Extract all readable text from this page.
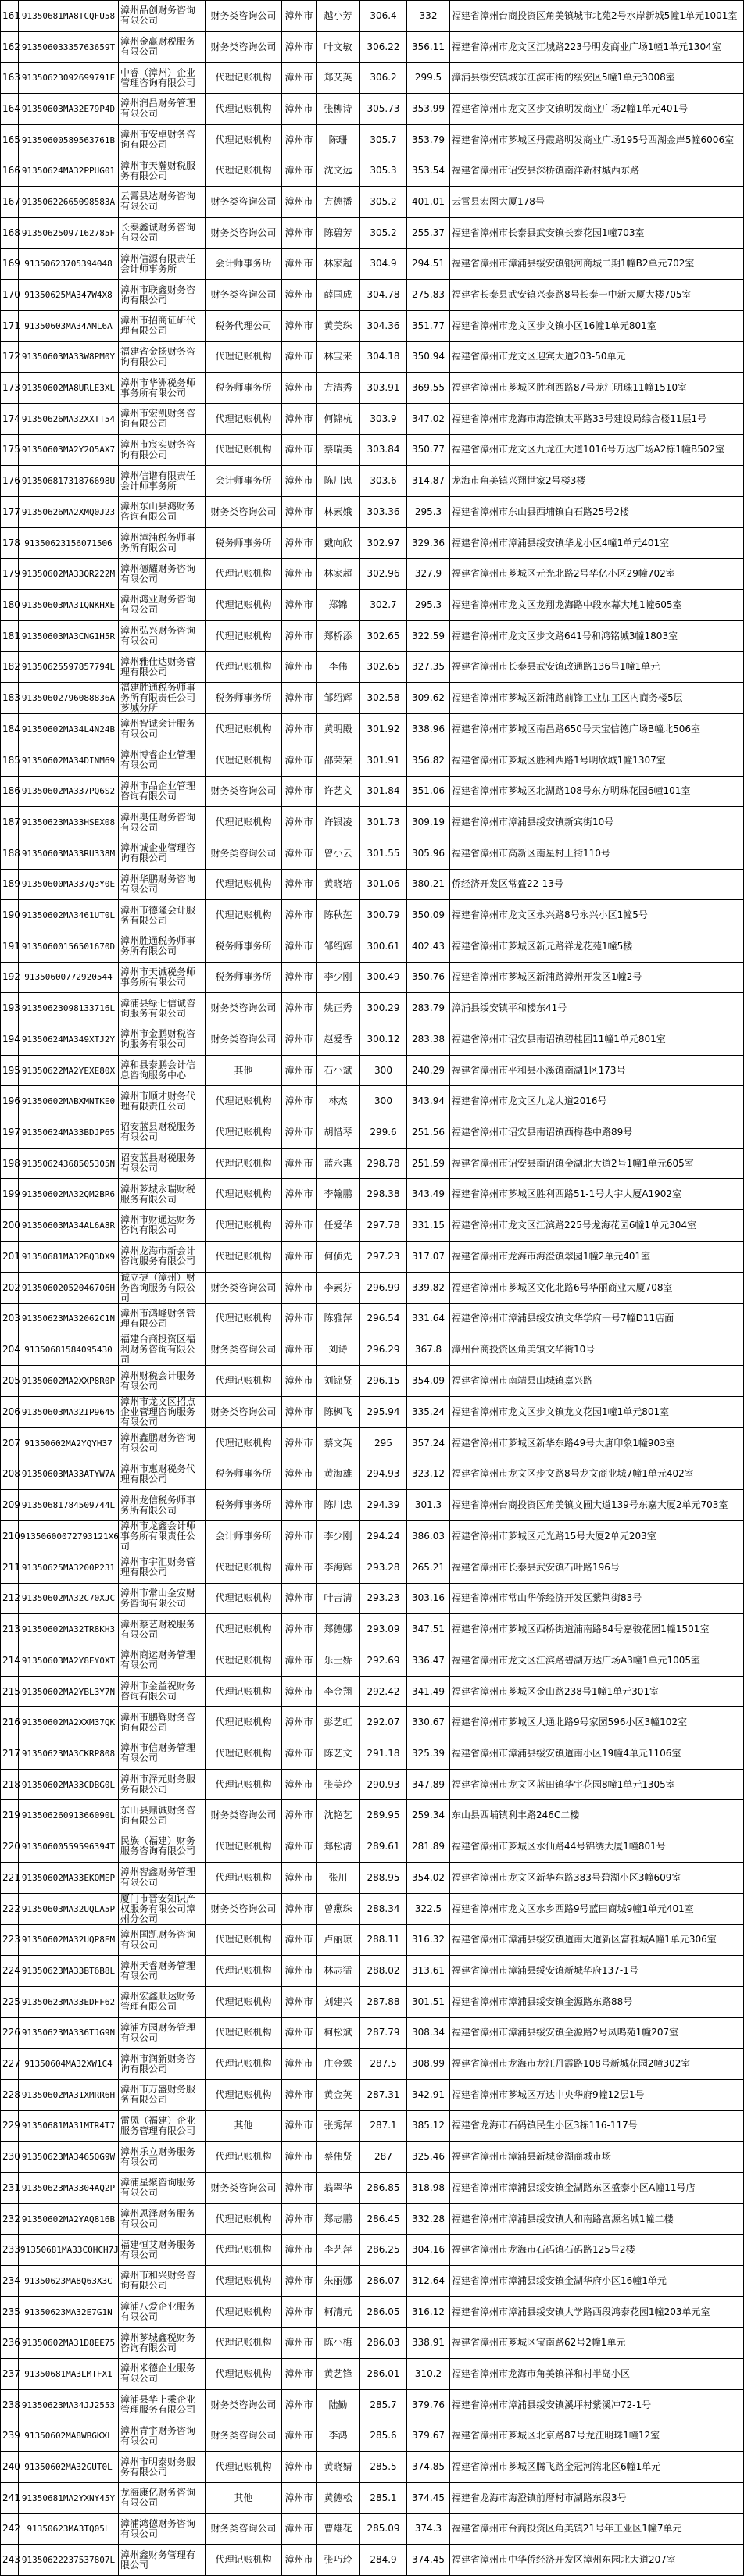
161	91350681MA8TCQFU58	漳州品创财务咨询有限公司	财务类咨询公司	漳州市	越小芳	306.4	332	福建省漳州台商投资区角美镇城市北苑2号水岸新城5幢1单元1001室
162	91350603335763659T	漳州金赢财税服务有限公司	财务类咨询公司	漳州市	叶文敏	306.22	356.11	福建省漳州市龙文区江城路223号明发商业广场1幢1单元1304室
163	91350623092699791F	中睿（漳州）企业管理咨询有限公司	代理记账机构	漳州市	郑艾英	306.2	299.5	漳浦县绥安镇城东江滨市街的绥安区5幢1单元3008室
164	91350603MA32E79P4D	漳州润昌财务管理有限公司	代理记账机构	漳州市	张柳诗	305.73	353.99	福建省漳州市龙文区步文镇明发商业广场2幢1单元401号
165	91350600589563761B	漳州市安卓财务咨询有限公司	代理记账机构	漳州市	陈珊	305.7	353.79	福建省漳州市芗城区丹霞路明发商业广场195号西湖金岸5幢6006室
166	91350624MA32PPUG01	漳州市天瀚财税服务有限公司	代理记账机构	漳州市	沈文远	305.3	353.54	福建省漳州市诏安县深桥镇南洋新村城西东路
167	91350622665098583A	云霄县达财务咨询有限公司	财务类咨询公司	漳州市	方德播	305.2	401.01	云霄县宏图大厦178号
168	91350625097162785F	长泰鑫诚财务咨询有限公司	财务类咨询公司	漳州市	陈碧芳	305.2	255.37	福建省漳州市长泰县武安镇长泰花园1幢703室
169	91350623705394048	漳州信源有限责任会计师事务所	会计师事务所	漳州市	林家超	304.9	294.51	福建省漳州市漳浦县绥安镇银河商城二期1幢B2单元702室
170	91350625MA347W4X8	漳州市联鑫财务咨询有限公司	财务类咨询公司	漳州市	薛国成	304.78	275.83	福建省长泰县武安镇兴泰路8号长泰一中新大厦大楼705室
171	91350603MA34AML6A	漳州市招商证研代理有限公司	税务代理公司	漳州市	黄美珠	304.36	351.77	福建省漳州市龙文区步文镇小区16幢1单元801室
172	91350603MA33W8PM0Y	福建省金扬财务咨询有限公司	代理记账机构	漳州市	林宝来	304.18	350.94	福建省漳州市龙文区迎宾大道203-50单元
173	91350602MA8URLE3XL	漳州市华洲税务师事务所有限公司	税务师事务所	漳州市	方清秀	303.91	369.55	福建省漳州市芗城区胜利西路87号龙江明珠11幢1510室
174	91350626MA32XXTT54	漳州市宏凯财务咨询有限公司	代理记账机构	漳州市	何锦杭	303.9	347.02	福建省漳州市龙海市海澄镇太平路33号建设局综合楼11层1号
175	91350603MA2Y2O5AX7	漳州市宸实财务咨询有限公司	代理记账机构	漳州市	蔡瑞美	303.84	350.77	福建省漳州市龙文区九龙江大道1016号万达广场A2栋1幢B502室
176	91350681731876698U	漳州信谱有限责任会计师事务所	会计师事务所	漳州市	陈川忠	303.6	314.87	龙海市角美镇兴翔世家2号楼3楼
177	91350626MA2XMQ0J23	漳州东山县鸿财务咨询有限公司	财务类咨询公司	漳州市	林素娥	303.36	295.3	福建省漳州市东山县西埔镇白石路25号2楼
178	91350623156071506	漳州漳浦税务师事务所有限公司	税务师事务所	漳州市	戴向欣	302.97	329.36	福建省漳州市漳浦县绥安镇华龙小区4幢1单元401室
179	91350602MA33QR222M	漳州德耀财务咨询有限公司	代理记账机构	漳州市	林家超	302.96	327.9	福建省漳州市芗城区元光北路2号华亿小区29幢702室
180	91350603MA31QNKHXE	漳州鸿业财务咨询有限公司	代理记账机构	漳州市	郑锦	302.7	295.3	福建省漳州市龙文区龙翔龙海路中段水幕大地1幢605室
181	91350603MA3CNG1H5R	漳州弘兴财务咨询有限公司	代理记账机构	漳州市	郑桥添	302.65	322.59	福建省漳州市龙文区步文路641号和鸿铭城3幢1803室
182	91350625597857794L	漳州雅仕达财务管理有限公司	代理记账机构	漳州市	李伟	302.65	327.35	福建省漳州市长泰县武安镇政通路136号1幢1单元
183	91350602796088836A	福建胜通税务师事务所有限责任公司芗城分所	税务师事务所	漳州市	邹绍辉	302.58	309.62	福建省漳州市芗城区新浦路前锋工业加工区内商务楼5层
184	91350602MA34L4N24B	漳州智诚会计服务有限公司	代理记账机构	漳州市	黄明殿	301.92	338.96	福建省漳州市芗城区南昌路650号天宝信德广场B幢北506室
185	91350602MA34DINM69	漳州博睿企业管理有限公司	代理记账机构	漳州市	邵荣荣	301.91	356.82	福建省漳州市芗城区胜利西路1号明欣城1幢1307室
186	91350602MA337PQ6S2	漳州市品企业管理咨询有限公司	财务类咨询公司	漳州市	许艺文	301.84	351.06	福建省漳州市芗城区北湖路108号东方明珠花园6幢101室
187	91350623MA33HSEX08	漳州奥佳财务咨询有限公司	代理记账机构	漳州市	许银凌	301.73	309.19	福建省漳州市漳浦县绥安镇新宾街10号
188	91350603MA33RU338M	漳州诚企业管理咨询有限公司	财务类咨询公司	漳州市	曾小云	301.55	305.96	福建省漳州市高新区南星村上街110号
189	91350600MA337Q3Y0E	漳州华鹏财务咨询有限公司	代理记账机构	漳州市	黄晓培	301.06	380.21	侨经济开发区常盛22-13号
190	91350602MA3461UT0L	漳州市德隆会计服务有限公司	代理记账机构	漳州市	陈秋莲	300.79	350.09	福建省漳州市龙文区永兴路8号永兴小区1幢5号
191	91350600156501670D	漳州胜通税务师事务所有限公司	税务师事务所	漳州市	邹绍辉	300.61	402.43	福建省漳州市芗城区新元路祥龙花苑1幢5楼
192	91350600772920544	漳州市天诚税务师事务所有限公司	税务师事务所	漳州市	李少刚	300.49	350.76	福建省漳州市芗城区新浦路漳州开发区1幢2号
193	91350623098133716L	漳浦县绿七信诚咨询服务有限公司	财务类咨询公司	漳州市	姚正秀	300.29	283.79	漳浦县绥安镇平和楼东41号
194	91350624MA349XTJ2Y	漳州市金鹏财税咨询服务有限公司	财务类咨询公司	漳州市	赵爱香	300.12	283.38	福建省漳州市诏安县南诏镇碧桂园11幢1单元801室
195	91350622MA2YEXE80X	漳和县泰鹏会计信息咨询服务中心	其他	漳州市	石小斌	300	240.29	福建省漳州市平和县小溪镇南湖1区173号
196	91350602MABXMNTKE0	漳州市顺才财务代理有限责任公司	代理记账机构	漳州市	林杰	300	343.94	福建省漳州市龙文区九龙大道2016号
197	91350624MA33BDJP65	诏安蓝县财税服务有限公司	代理记账机构	漳州市	胡惜琴	299.6	251.56	福建省漳州市诏安县南诏镇西梅巷中路89号
198	91350624368505305N	诏安蓝县财税服务有限公司	代理记账机构	漳州市	蓝永惠	298.78	251.59	福建省漳州市诏安县南诏镇金湖北大道2号1幢1单元605室
199	91350602MA32QM2BR6	漳州芗城永瑞财税服务有限公司	代理记账机构	漳州市	李翰鹏	298.38	343.49	福建省漳州市芗城区胜利西路51-1号大宇大厦A1902室
200	91350603MA34AL6A8R	漳州市财通达财务咨询有限公司	代理记账机构	漳州市	任爱华	297.78	331.15	福建省漳州市龙文区江滨路225号龙海花园6幢1单元304室
201	91350681MA32BQ3DX9	漳州龙海市新会计咨询服务有限公司	代理记账机构	漳州市	何侦先	297.23	317.07	福建省漳州市龙海市海澄镇翠园1幢2单元401室
202	91350602052046706H	诚立捷（漳州）财务咨询服务有限公司	财务类咨询公司	漳州市	李素芬	296.99	339.82	福建省漳州市芗城区文化北路6号华丽商业大厦708室
203	91350623MA32062C1N	漳州市鸿峰财务管理有限公司	代理记账机构	漳州市	陈雅萍	296.54	331.64	福建省漳州市漳浦县绥安镇文华学府一号7幢D11店面
204	91350681584095430	福建台商投资区福利财务咨询有限公司	财务类咨询公司	漳州市	刘诗	296.29	367.8	漳州台商投资区角美镇文华街10号
205	91350602MA2XXP8R0P	漳州财税会计服务有限公司	代理记账机构	漳州市	刘锦贤	296.15	354.09	福建省漳州市南靖县山城镇嘉兴路
206	91350603MA32IP9645	漳州市龙文区招点企业管理咨询服务有限公司	财务类咨询公司	漳州市	陈枫飞	295.94	335.24	福建省漳州市龙文区步文镇龙文花园1幢1单元801室
207	91350602MA2YQYH37	漳州鑫鹏财务咨询有限公司	代理记账机构	漳州市	蔡文英	295	357.24	福建省漳州市芗城区新华东路49号大唐印象1幢903室
208	91350603MA33ATYW7A	漳州市惠财税务代理有限公司	税务师事务所	漳州市	黄海雄	294.93	323.12	福建省漳州市龙文区步文路8号龙文商业城7幢1单元402室
209	91350681784509744L	漳州龙信税务师事务所有限公司	税务师事务所	漳州市	陈川忠	294.39	301.3	福建省漳州台商投资区角美镇文圃大道139号东嘉大厦2单元703室
210	91350600072793121X6	漳州市龙鑫会计师事务所有限责任公司	会计师事务所	漳州市	李少刚	294.24	386.03	福建省漳州市芗城区元光路15号大厦2单元203室
211	91350625MA3200P231	漳州市宇汇财务管理有限公司	代理记账机构	漳州市	李海辉	293.28	265.21	福建省漳州市长泰县武安镇石叶路196号
212	91350602MA32C70XJC	漳州市常山金安财务咨询有限公司	代理记账机构	漳州市	叶吉清	293.23	303.16	福建省漳州市常山华侨经济开发区紫荆街83号
213	91350602MA32TR8KH3	漳州蔡艺财税服务有限公司	代理记账机构	漳州市	郑德娜	293.09	347.51	福建省漳州市芗城区西桥街道浦南路84号嘉骏花园1幢1501室
214	91350603MA2Y8EY0XT	漳州商运财务管理有限公司	代理记账机构	漳州市	乐士娇	292.69	336.47	福建省漳州市龙文区江滨路碧湖万达广场A3幢1单元1005室
215	91350602MA2YBL3Y7N	漳州市金益祝财务咨询有限公司	代理记账机构	漳州市	李金翔	292.42	341.49	福建省漳州市芗城区金山路238号1幢1单元301室
216	91350602MA2XXM37QK	漳州市鹏辉财务咨询有限公司	代理记账机构	漳州市	彭艺虹	292.07	330.67	福建省漳州市芗城区大通北路9号家园596小区3幢102室
217	91350623MA3CKRP808	漳州市信财务管理有限公司	代理记账机构	漳州市	陈艺文	291.18	325.39	福建省漳州市漳浦县绥安镇道南小区19幢4单元1106室
218	91350602MA33CDBG0L	漳州市泽元财务服务有限公司	代理记账机构	漳州市	张美玲	290.93	347.89	福建省漳州市龙文区蓝田镇华宇花园8幢1单元1305室
219	91350626091366090L	东山县鼎诚财务咨询有限公司	财务类咨询公司	漳州市	沈艳艺	289.95	259.34	东山县西埔镇利丰路246C二楼
220	91350600559596394T	民族（福建）财务服务咨询有限公司	代理记账机构	漳州市	郑松清	289.61	281.89	福建省漳州市芗城区水仙路44号锦绣大厦1幢801号
221	91350602MA33EKQMEP	漳州智鑫财务管理有限公司	代理记账机构	漳州市	张川	288.95	354.02	福建省漳州市龙文区新华东路383号碧湖小区3幢609室
222	91350603MA32UQLA5P	厦门市晋安知识产权服务有限公司漳州分公司	财务类咨询公司	漳州市	曾燕珠	288.34	322.5	福建省漳州市龙文区水乡西路9号蓝田商城9幢1单元401室
223	91350602MA32UQP8EM	漳州国凯财务咨询有限公司	代理记账机构	漳州市	卢丽琼	288.11	316.32	福建省漳州市漳浦县绥安镇道南大道新区富雅城A幢1单元306室
224	91350623MA33BT6B8L	漳州天睿财务管理有限公司	代理记账机构	漳州市	林志猛	288.02	313.61	福建省漳州市漳浦县绥安镇新城华府137-1号
225	91350623MA33EDFF62	漳州宏鑫顺达财务管理有限公司	代理记账机构	漳州市	刘建兴	287.88	301.51	福建省漳州市漳浦县绥安镇金源路东路88号
226	91350623MA336TJG9N	漳浦方园财务管理有限公司	代理记账机构	漳州市	柯松斌	287.79	308.34	福建省漳州市漳浦县绥安镇金源路2号凤鸣苑1幢207室
227	91350604MA32XW1C4	漳州市润新财务咨询有限公司	代理记账机构	漳州市	庄金霖	287.5	308.99	福建省漳州市龙海市龙江丹霞路108号新城花园2幢302室
228	91350602MA31XMRR6H	漳州市万盛财务服务有限公司	代理记账机构	漳州市	黄金英	287.31	342.91	福建省漳州市芗城区万达中央华府9幢12层1号
229	91350681MA31MTR4T7	雷凤（福建）企业服务管理有限公司	其他	漳州市	张秀萍	287.1	385.12	福建省龙海市石码镇民生小区3栋116-117号
230	91350623MA3465QG9W	漳州乐立财务服务有限公司	代理记账机构	漳州市	蔡伟贤	287	325.46	福建省漳州市漳浦县新城金湖商城市场
231	91350623MA3304AQ2P	漳浦星聚咨询服务有限公司	财务类咨询公司	漳州市	翁翠华	286.85	318.98	福建省漳州市漳浦县绥安镇金湖路东区盛泰小区A幢11号店
232	91350602MA2YAQ816B	漳州恩泽财务服务有限公司	代理记账机构	漳州市	郑志鹏	286.45	332.28	福建省漳州市漳浦县绥安镇人和南路富源名城1幢二楼
233	91350681MA33COHCH7J	福建恒艾财务服务有限公司	代理记账机构	漳州市	李艺萍	286.25	304.16	福建省漳州市龙海市石码镇石码路125号2楼
234	91350623MA8Q63X3C	漳州市和兴财务咨询有限公司	代理记账机构	漳州市	朱丽娜	286.07	312.64	福建省漳州市漳浦县绥安镇金湖华府小区16幢1单元
235	91350623MA32E7G1N	漳浦八爱企业服务有限公司	代理记账机构	漳州市	柯清元	286.05	316.12	福建省漳州市漳浦县绥安镇大学路西段鸿泰花园1幢203单元室
236	91350602MA31D8EE75	漳州芗城鑫税财务咨询有限公司	代理记账机构	漳州市	陈小梅	286.03	338.91	福建省漳州市芗城区宝南路62号2幢1单元
237	91350681MA3LMTFX1	漳州米德企业服务有限公司	代理记账机构	漳州市	黄艺锋	286.01	310.2	福建省漳州市龙海市角美镇祥和村半岛小区
238	91350623MA34JJ2553	漳浦县华上乘企业管理服务有限公司	财务类咨询公司	漳州市	陆勤	285.7	379.76	福建省漳州市漳浦县绥安镇溪坪村紫溪冲72-1号
239	91350602MA8WBGKXL	漳州青宇财务咨询有限公司	财务类咨询公司	漳州市	李鸿	285.6	379.67	福建省漳州市芗城区北京路87号龙江明珠1幢12室
240	91350602MA32GUT0L	漳州市明泰财务服务有限公司	代理记账机构	漳州市	黄晓婧	285.5	374.85	福建省漳州市芗城区腾飞路金冠河湾北区6幢1单元
241	91350681MA2YXNY45Y	龙海康亿财务咨询有限公司	其他	漳州市	黄德松	285.1	374.45	福建省龙海市海澄镇前厝村市湖路东段3号
242	91350623MA3TQ05L	漳浦鸿德财务咨询有限公司	财务类咨询公司	漳州市	曹雄花	285.09	374.3	福建省漳州市台商投资区角美镇21号年工业区1幢7单元
243	91350622237537807L	漳州鑫财务管理有限公司	代理记账机构	漳州市	张巧玲	284.9	374.45	福建省漳州市中华侨经济开发区漳州东园北大道207室
